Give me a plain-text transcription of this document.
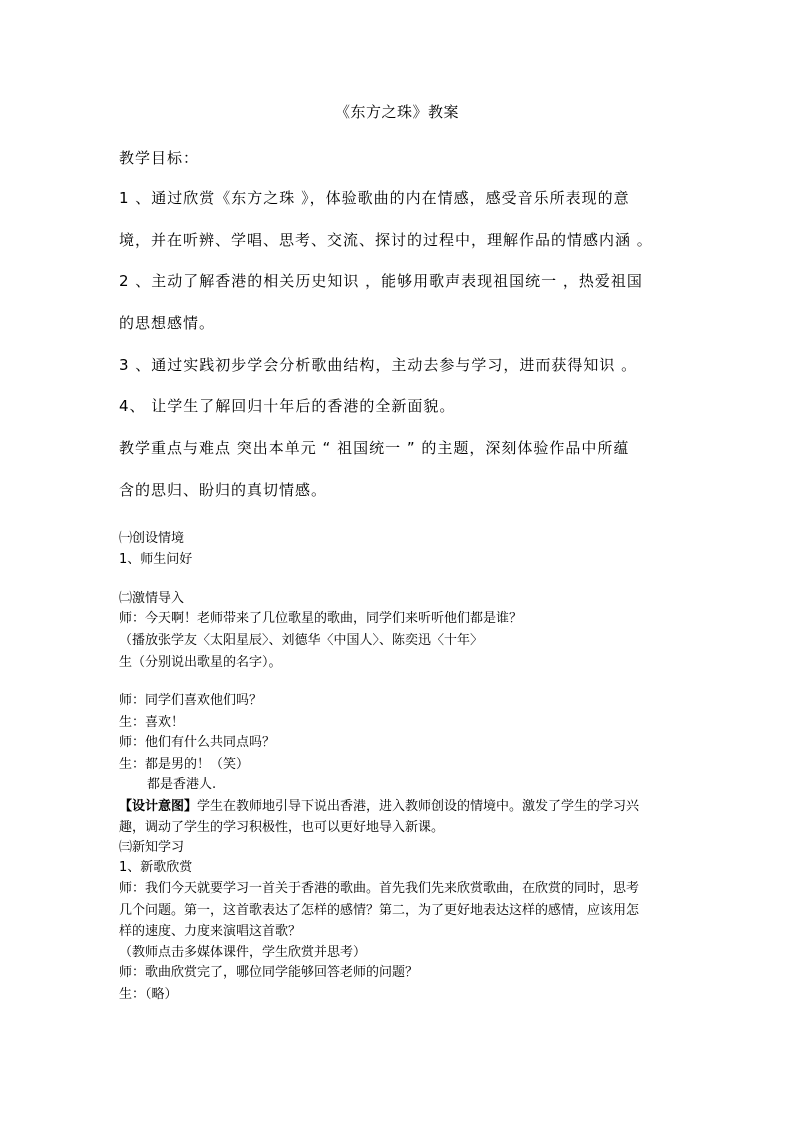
《东方之珠》教案
教学目标：
1 、通过欣赏《东方之珠 》，体验歌曲的内在情感，感受音乐所表现的意
境，并在听辨、学唱、思考、交流、探讨的过程中，理解作品的情感内涵 。
2 、主动了解香港的相关历史知识 ，能够用歌声表现祖国统一 ，热爱祖国
的思想感情。
3 、通过实践初步学会分析歌曲结构，主动去参与学习，进而获得知识 。
4、 让学生了解回归十年后的香港的全新面貌。
教学重点与难点 突出本单元 “ 祖国统一 ” 的主题，深刻体验作品中所蕴
含的思归、盼归的真切情感。
㈠创设情境
1、师生问好
㈡激情导入
师：今天啊！老师带来了几位歌星的歌曲，同学们来听听他们都是谁？
（播放张学友〈太阳星辰〉、刘德华〈中国人〉、陈奕迅〈十年〉
生（分别说出歌星的名字）。
师：同学们喜欢他们吗？
生：喜欢！
师：他们有什么共同点吗？
生：都是男的！（笑）
都是香港人.
【设计意图】学生在教师地引导下说出香港，进入教师创设的情境中。激发了学生的学习兴
趣，调动了学生的学习积极性，也可以更好地导入新课。
㈢新知学习
1、新歌欣赏
师：我们今天就要学习一首关于香港的歌曲。首先我们先来欣赏歌曲，在欣赏的同时，思考
几个问题。第一，这首歌表达了怎样的感情？第二，为了更好地表达这样的感情，应该用怎
样的速度、力度来演唱这首歌？
（教师点击多媒体课件，学生欣赏并思考）
师：歌曲欣赏完了，哪位同学能够回答老师的问题？
生：（略）
